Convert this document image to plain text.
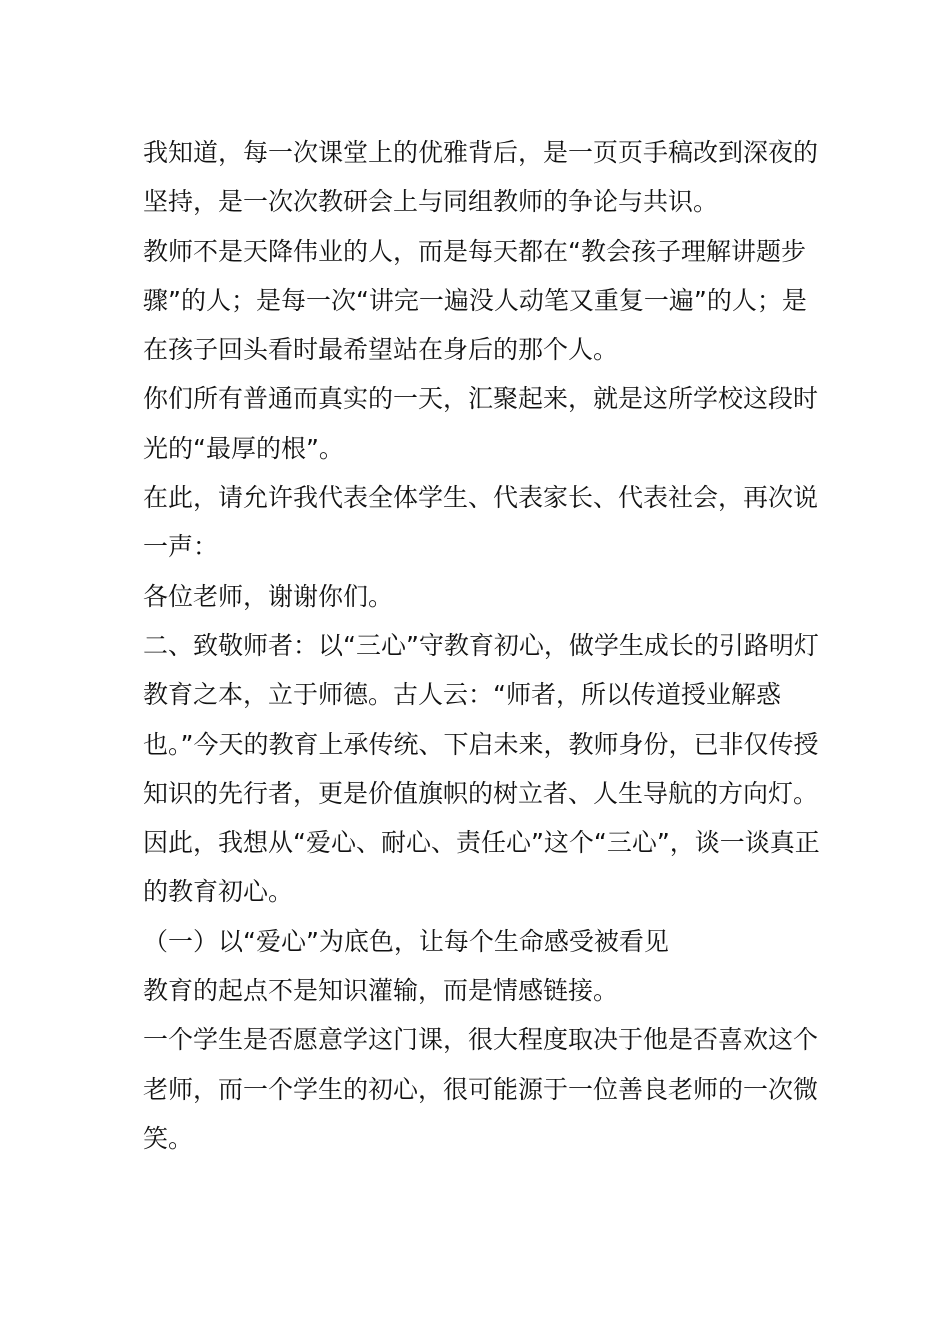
我知道，每一次课堂上的优雅背后，是一页页手稿改到深夜的坚持，是一次次教研会上与同组教师的争论与共识。

教师不是天降伟业的人，而是每天都在“教会孩子理解讲题步骤”的人；是每一次“讲完一遍没人动笔又重复一遍”的人；是在孩子回头看时最希望站在身后的那个人。

你们所有普通而真实的一天，汇聚起来，就是这所学校这段时光的“最厚的根”。

在此，请允许我代表全体学生、代表家长、代表社会，再次说一声：

各位老师，谢谢你们。

二、致敬师者：以“三心”守教育初心，做学生成长的引路明灯

教育之本，立于师德。古人云：“师者，所以传道授业解惑也。”今天的教育上承传统、下启未来，教师身份，已非仅传授知识的先行者，更是价值旗帜的树立者、人生导航的方向灯。

因此，我想从“爱心、耐心、责任心”这个“三心”，谈一谈真正的教育初心。

（一）以“爱心”为底色，让每个生命感受被看见

教育的起点不是知识灌输，而是情感链接。

一个学生是否愿意学这门课，很大程度取决于他是否喜欢这个老师，而一个学生的初心，很可能源于一位善良老师的一次微笑。
